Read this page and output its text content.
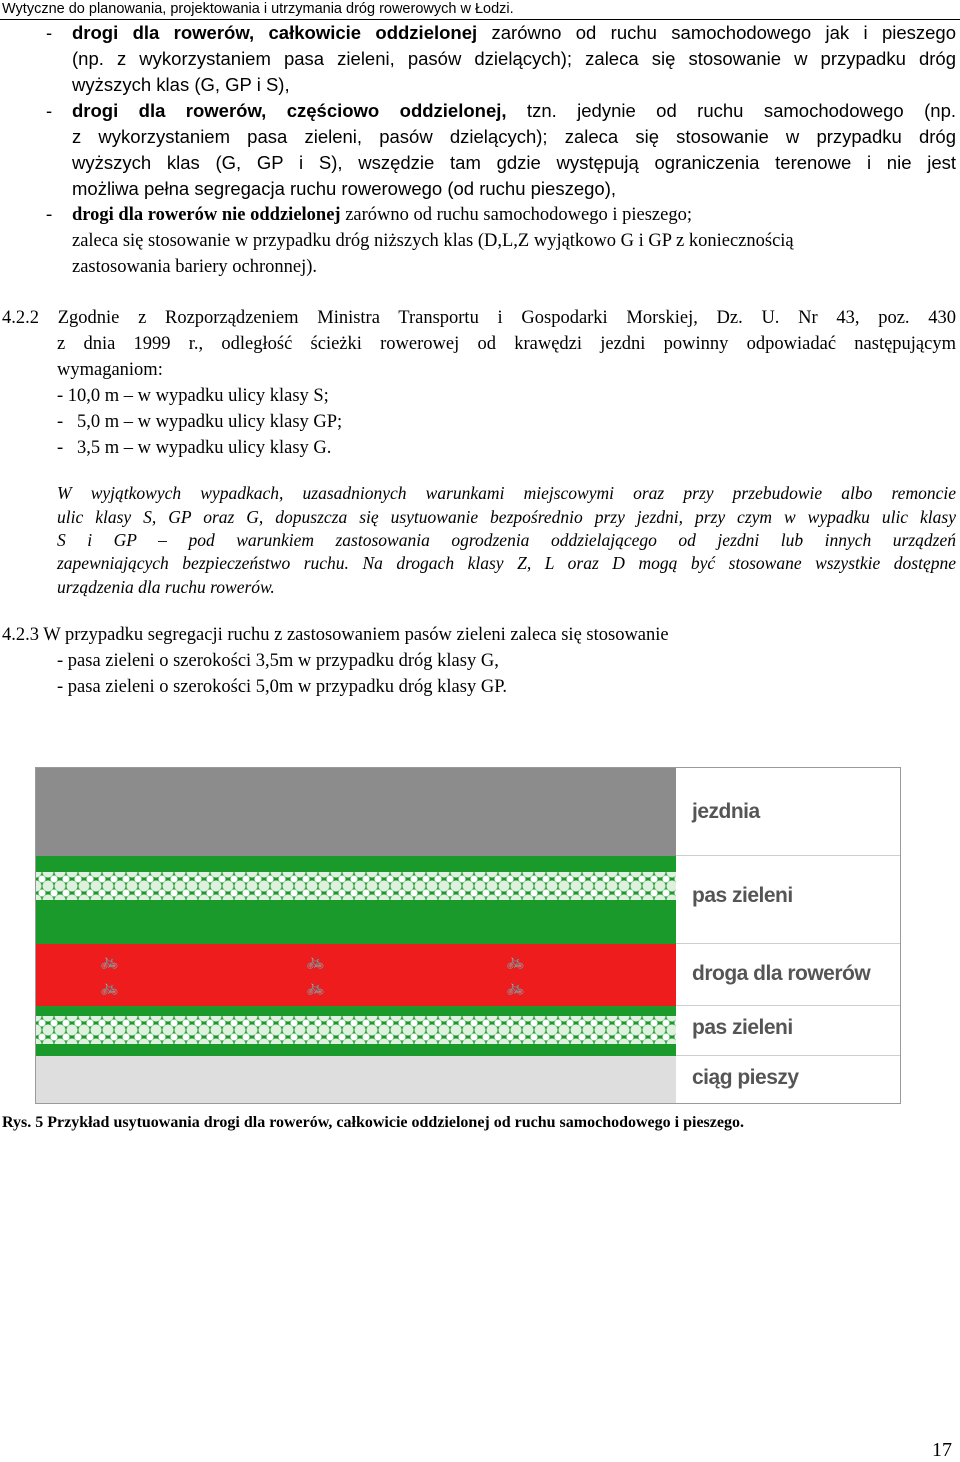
Wytyczne do planowania, projektowania i utrzymania dróg rowerowych w Łodzi.
- drogi dla rowerów, całkowicie oddzielonej zarówno od ruchu samochodowego jak i pieszego
(np. z wykorzystaniem pasa zieleni, pasów dzielących); zaleca się stosowanie w przypadku dróg
wyższych klas (G, GP i S),
- drogi dla rowerów, częściowo oddzielonej, tzn. jedynie od ruchu samochodowego (np.
z wykorzystaniem pasa zieleni, pasów dzielących); zaleca się stosowanie w przypadku dróg
wyższych klas (G, GP i S), wszędzie tam gdzie występują ograniczenia terenowe i nie jest
możliwa pełna segregacja ruchu rowerowego (od ruchu pieszego),
- drogi dla rowerów nie oddzielonej zarówno od ruchu samochodowego i pieszego;
zaleca się stosowanie w przypadku dróg niższych klas (D,L,Z wyjątkowo G i GP z koniecznością
zastosowania bariery ochronnej).
4.2.2 Zgodnie z Rozporządzeniem Ministra Transportu i Gospodarki Morskiej, Dz. U. Nr 43, poz. 430
z dnia 1999 r., odległość ścieżki rowerowej od krawędzi jezdni powinny odpowiadać następującym
wymaganiom:
- 10,0 m – w wypadku ulicy klasy S;
-   5,0 m – w wypadku ulicy klasy GP;
-   3,5 m – w wypadku ulicy klasy G.
W wyjątkowych wypadkach, uzasadnionych warunkami miejscowymi oraz przy przebudowie albo remoncie
ulic klasy S, GP oraz G, dopuszcza się usytuowanie bezpośrednio przy jezdni, przy czym w wypadku ulic klasy
S i GP – pod warunkiem zastosowania ogrodzenia oddzielającego od jezdni lub innych urządzeń
zapewniających bezpieczeństwo ruchu. Na drogach klasy Z, L oraz D mogą być stosowane wszystkie dostępne
urządzenia dla ruchu rowerów.
4.2.3 W przypadku segregacji ruchu z zastosowaniem pasów zieleni zaleca się stosowanie
- pasa zieleni o szerokości 3,5m w przypadku dróg klasy G,
- pasa zieleni o szerokości 5,0m w przypadku dróg klasy GP.
🚲
🚲
🚲
🚲
🚲
🚲
jezdnia
pas zieleni
droga dla rowerów
pas zieleni
ciąg pieszy
Rys. 5 Przykład usytuowania drogi dla rowerów, całkowicie oddzielonej od ruchu samochodowego i pieszego.
17
